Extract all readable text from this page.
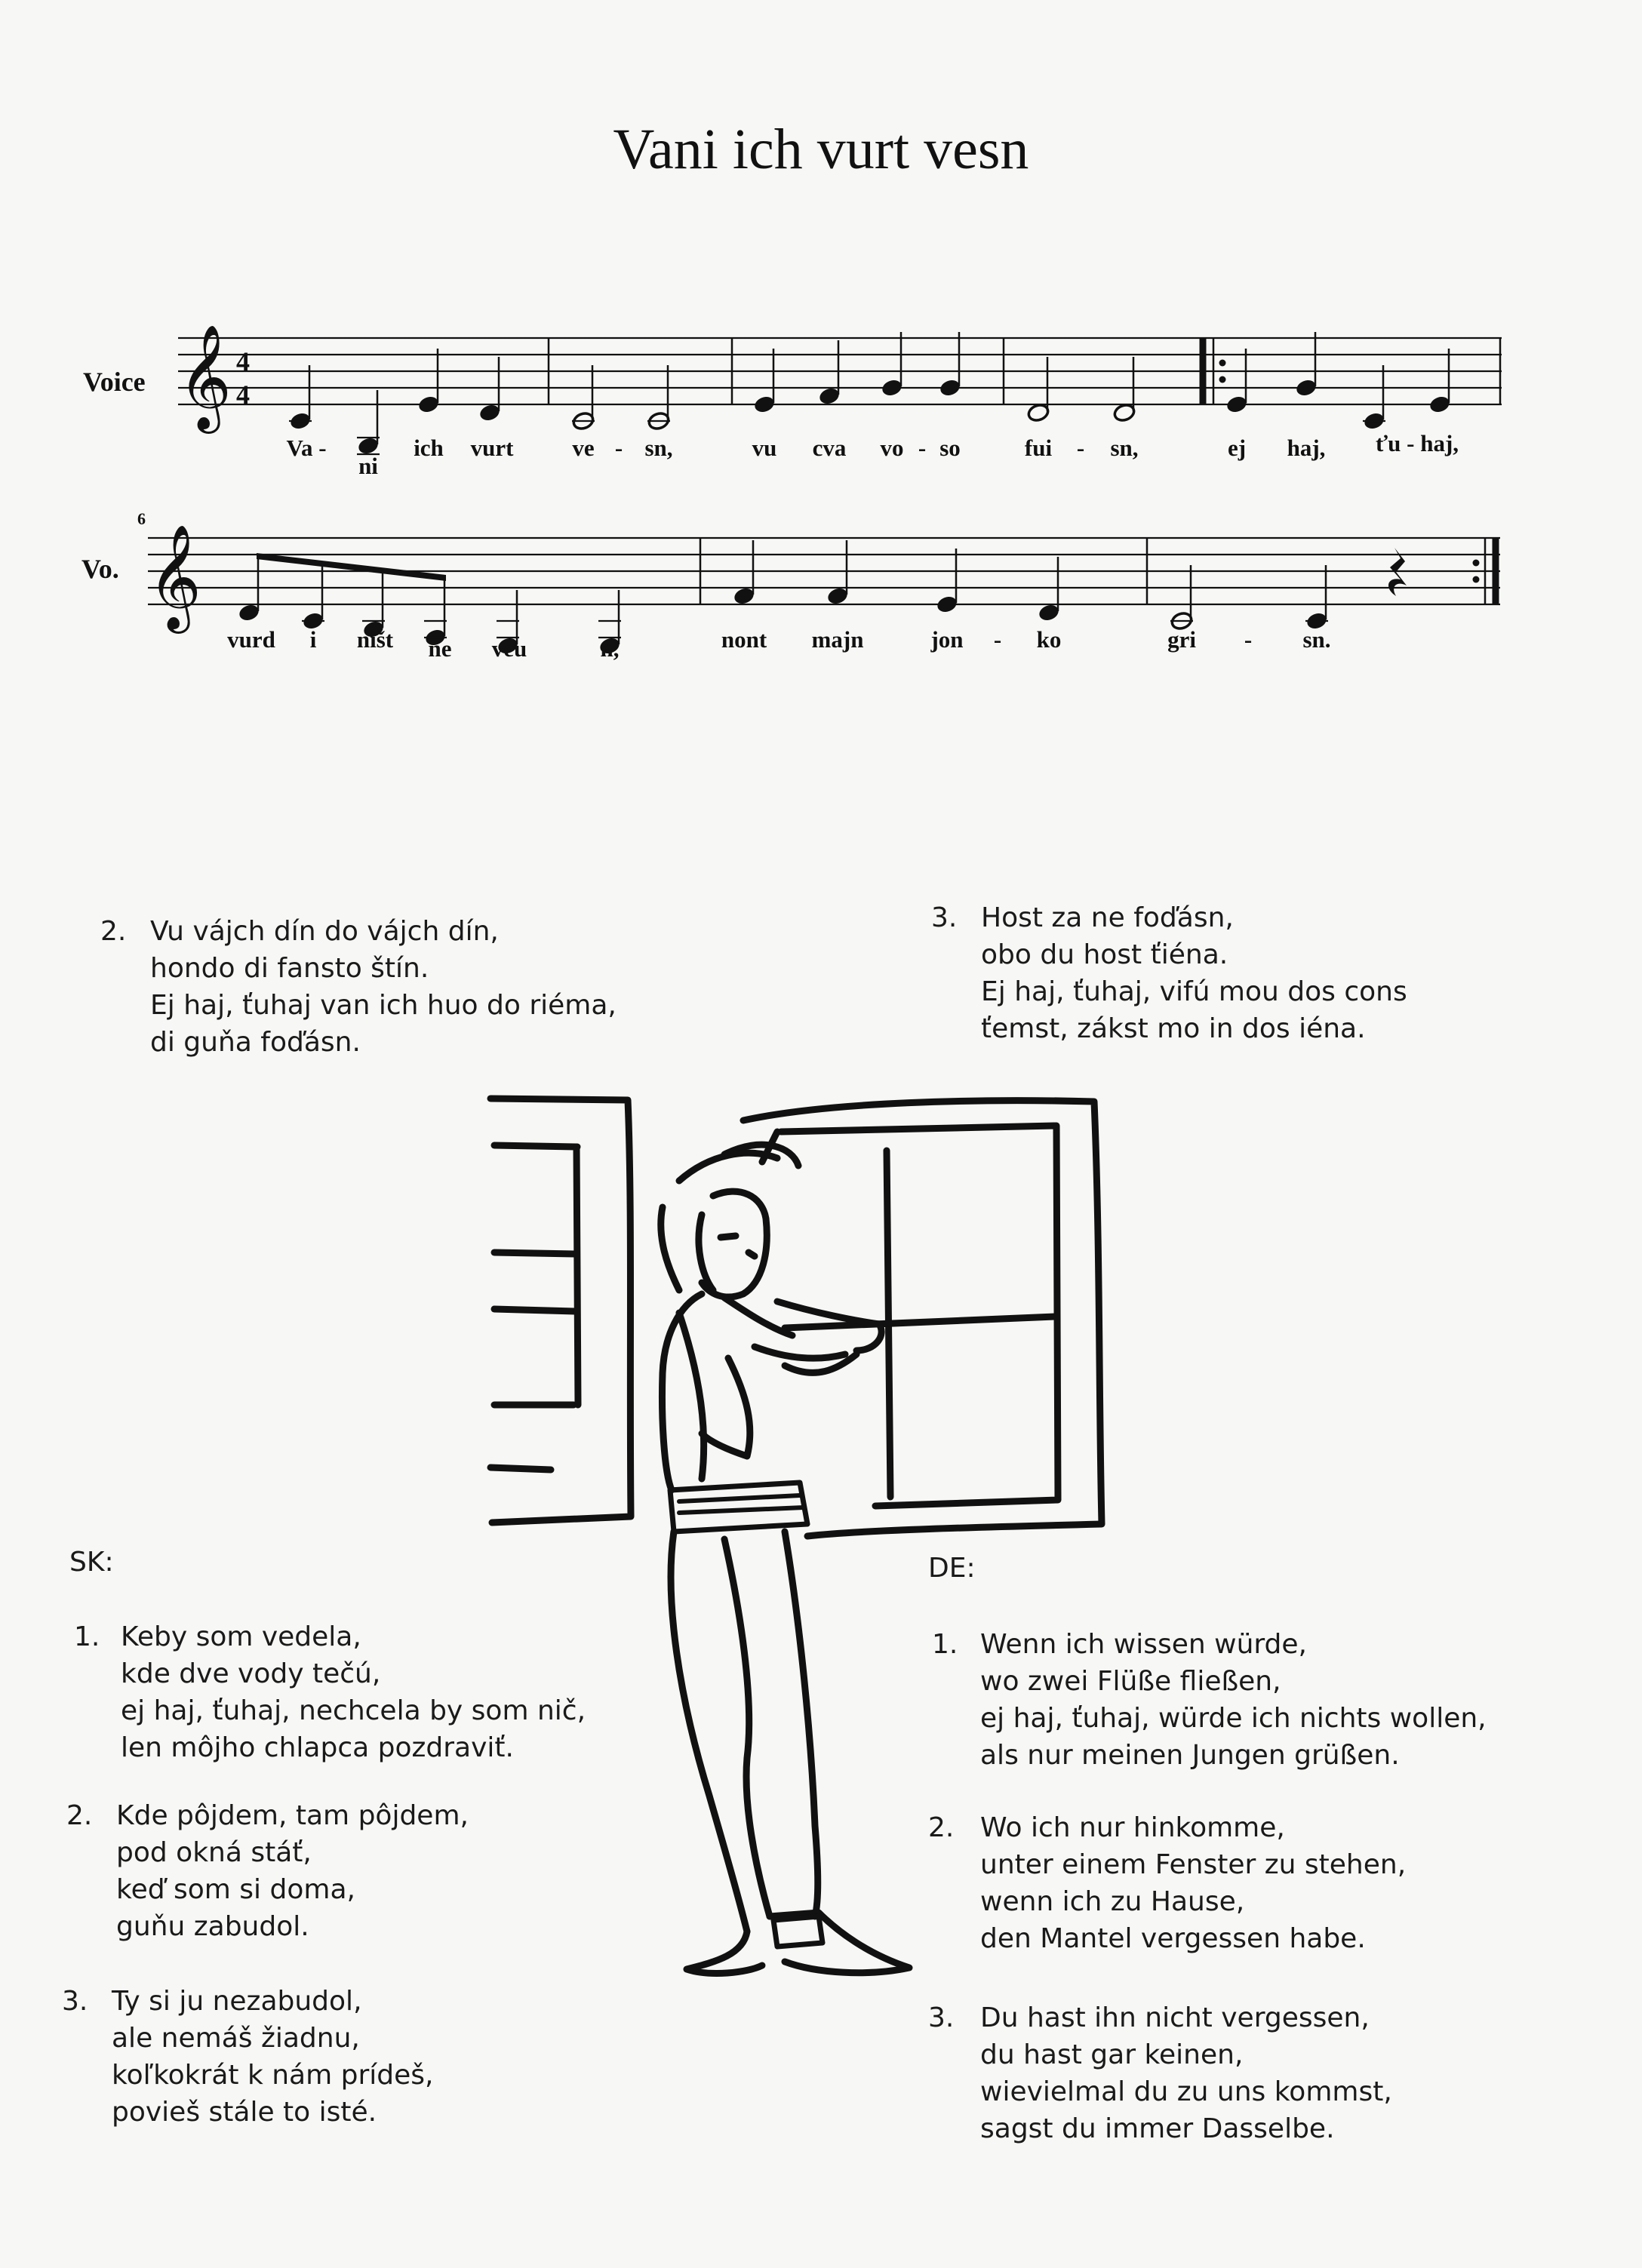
Vani ich vurt vesn
Voice 𝄞 4
4
Va -
ni
ich vurt	ve - sn,	vu cva vo - so	fui - sn,	ej haj, ťu - haj,
6
Vo. 𝄞
vurd i ništ ne veu	n,	nont majn	jon - ko	gri - sn.
2. Vu vájch dín do vájch dín,
hondo di fansto štín.
Ej haj, ťuhaj van ich huo do riéma,
di guňa foďásn.
3. Host za ne foďásn,
obo du host ťiéna.
Ej haj, ťuhaj, vifú mou dos cons
ťemst, zákst mo in dos iéna.
SK:
1. Keby som vedela,
kde dve vody tečú,
ej haj, ťuhaj, nechcela by som nič,
len môjho chlapca pozdraviť.
2. Kde pôjdem, tam pôjdem,
pod okná stáť,
keď som si doma,
guňu zabudol.
3. Ty si ju nezabudol,
ale nemáš žiadnu,
koľkokrát k nám prídeš,
povieš stále to isté.
DE:
1. Wenn ich wissen würde,
wo zwei Flüße fließen,
ej haj, ťuhaj, würde ich nichts wollen,
als nur meinen Jungen grüßen.
2. Wo ich nur hinkomme,
unter einem Fenster zu stehen,
wenn ich zu Hause,
den Mantel vergessen habe.
3. Du hast ihn nicht vergessen,
du hast gar keinen,
wievielmal du zu uns kommst,
sagst du immer Dasselbe.
